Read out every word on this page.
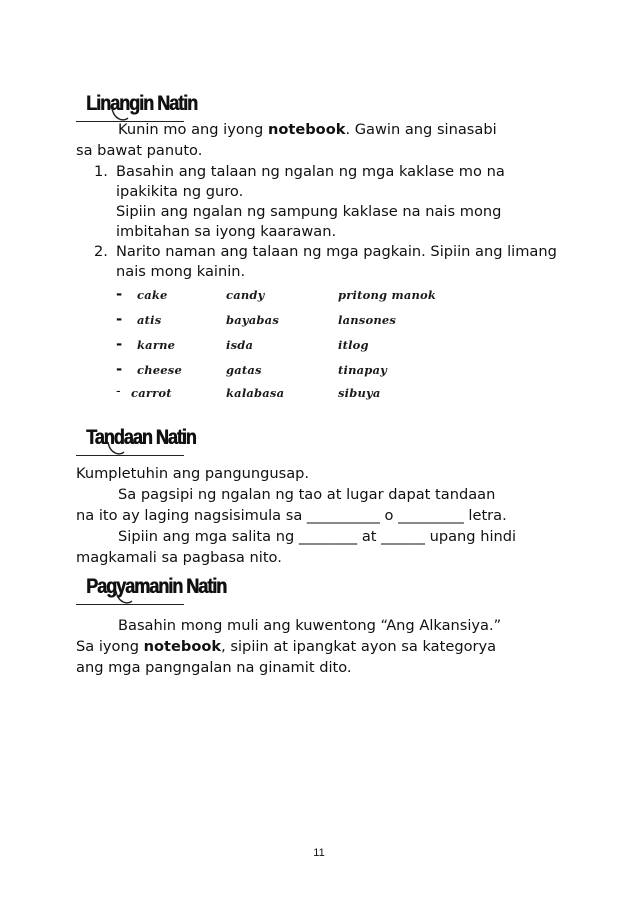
Linangin Natin
Kunin mo ang iyong notebook. Gawin ang sinasabi
sa bawat panuto.
1. Basahin ang talaan ng ngalan ng mga kaklase mo na
ipakikita ng guro.
Sipiin ang ngalan ng sampung kaklase na nais mong
imbitahan sa iyong kaarawan.
2. Narito naman ang talaan ng mga pagkain. Sipiin ang limang
nais mong kainin.
- cake	candy	pritong manok
- atis	bayabas	lansones
- karne	isda	itlog
- cheese	gatas	tinapay
- carrot	kalabasa	sibuya
Tandaan Natin
Kumpletuhin ang pangungusap.
Sa pagsipi ng ngalan ng tao at lugar dapat tandaan
na ito ay laging nagsisimula sa __________ o _________ letra.
Sipiin ang mga salita ng ________ at ______ upang hindi
magkamali sa pagbasa nito.
Pagyamanin Natin
Basahin mong muli ang kuwentong “Ang Alkansiya.”
Sa iyong notebook, sipiin at ipangkat ayon sa kategorya
ang mga pangngalan na ginamit dito.
11
